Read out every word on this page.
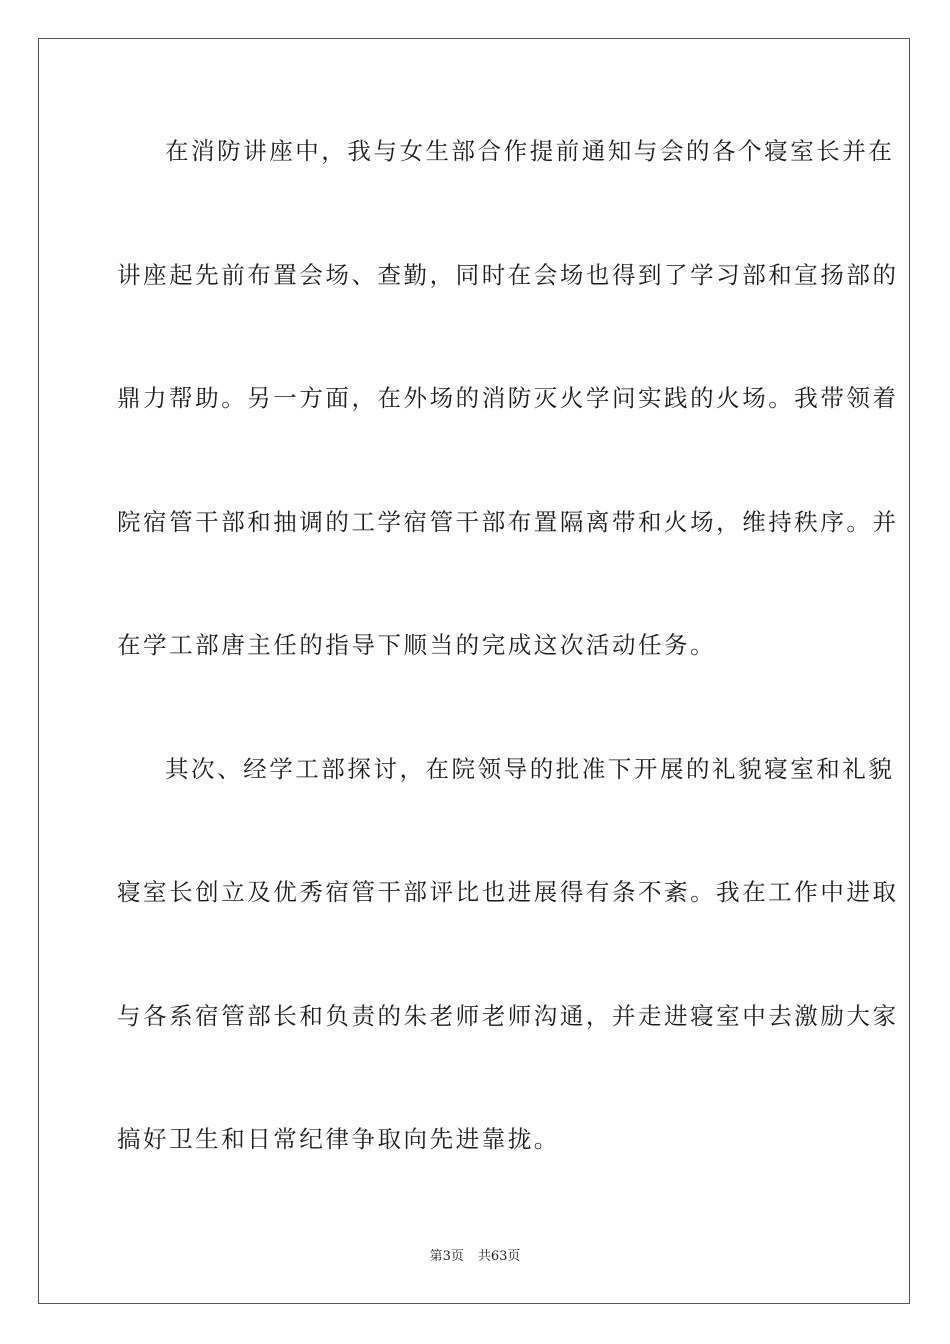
在消防讲座中，我与女生部合作提前通知与会的各个寝室长并在
讲座起先前布置会场、查勤，同时在会场也得到了学习部和宣扬部的
鼎力帮助。另一方面，在外场的消防灭火学问实践的火场。我带领着
院宿管干部和抽调的工学宿管干部布置隔离带和火场，维持秩序。并
在学工部唐主任的指导下顺当的完成这次活动任务。
其次、经学工部探讨，在院领导的批准下开展的礼貌寝室和礼貌
寝室长创立及优秀宿管干部评比也进展得有条不紊。我在工作中进取
与各系宿管部长和负责的朱老师老师沟通，并走进寝室中去激励大家
搞好卫生和日常纪律争取向先进靠拢。
第3页 共63页
